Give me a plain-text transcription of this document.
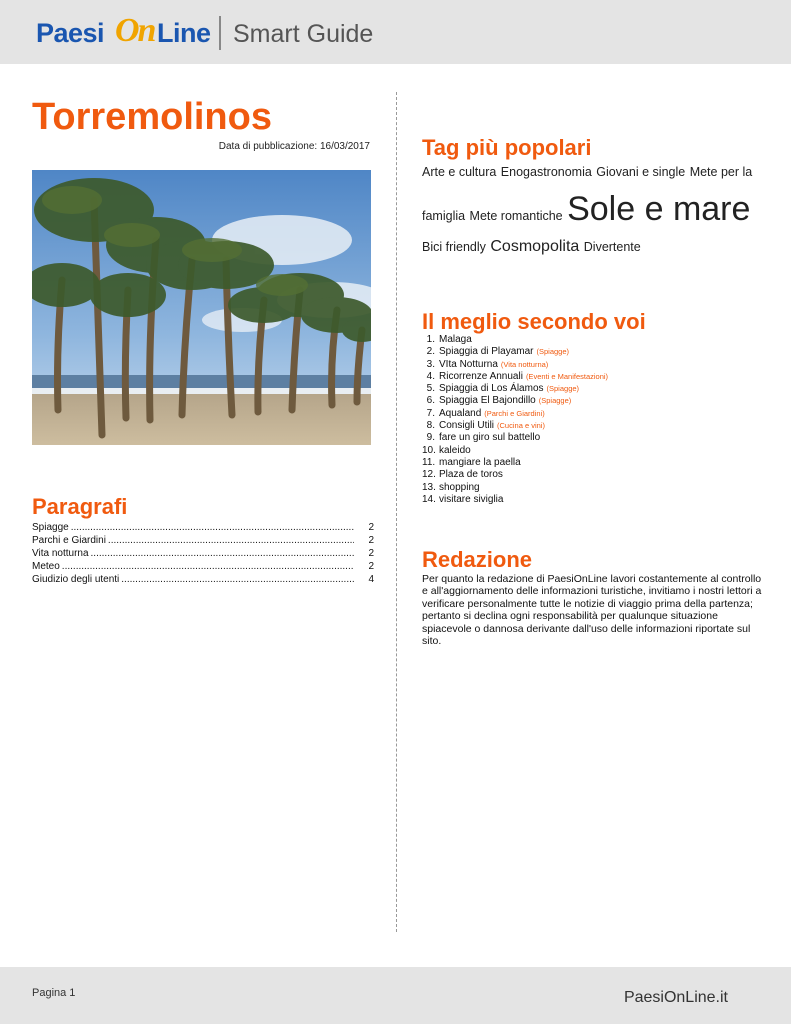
Paesi On Line Smart Guide
Torremolinos
Data di pubblicazione: 16/03/2017
Paragrafi
Spiagge .....	2
Parchi e Giardini .....	2
Vita notturna .....	2
Meteo .....	2
Giudizio degli utenti .....	4
Tag più popolari
Arte e cultura Enogastronomia Giovani e single Mete per la famiglia Mete romantiche Sole e mare Bici friendly Cosmopolita Divertente
Il meglio secondo voi
1. Malaga
2. Spiaggia di Playamar (Spiagge)
3. VIta Notturna (Vita notturna)
4. Ricorrenze Annuali (Eventi e Manifestazioni)
5. Spiaggia di Los Álamos (Spiagge)
6. Spiaggia El Bajondillo (Spiagge)
7. Aqualand (Parchi e Giardini)
8. Consigli Utili (Cucina e vini)
9. fare un giro sul battello
10. kaleido
11. mangiare la paella
12. Plaza de toros
13. shopping
14. visitare siviglia
Redazione

Per quanto la redazione di PaesiOnLine lavori costantemente al controllo e all'aggiornamento delle informazioni turistiche, invitiamo i nostri lettori a verificare personalmente tutte le notizie di viaggio prima della partenza; pertanto si declina ogni responsabilità per qualunque situazione spiacevole o dannosa derivante dall'uso delle informazioni riportate sul sito.

Pagina 1	PaesiOnLine.it
